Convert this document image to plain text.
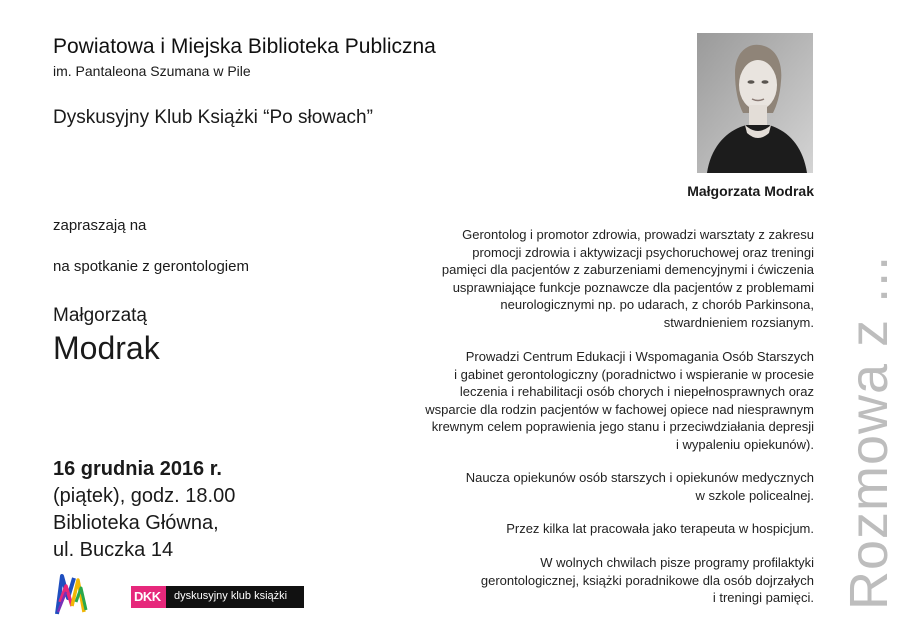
Powiatowa i Miejska Biblioteka Publiczna
im. Pantaleona Szumana w Pile
Dyskusyjny Klub Książki “Po słowach”
zapraszają na
na spotkanie z gerontologiem
Małgorzatą
Modrak
16 grudnia 2016 r.
(piątek), godz. 18.00
Biblioteka Główna,
ul. Buczka 14
Małgorzata Modrak
Gerontolog i promotor zdrowia, prowadzi warsztaty z zakresu
promocji zdrowia i aktywizacji psychoruchowej oraz treningi
pamięci dla pacjentów z zaburzeniami demencyjnymi i ćwiczenia
usprawniające funkcje poznawcze dla pacjentów z problemami
neurologicznymi np. po udarach, z chorób Parkinsona,
stwardnieniem rozsianym.
Prowadzi Centrum Edukacji i Wspomagania Osób Starszych
i gabinet gerontologiczny (poradnictwo i wspieranie w procesie
leczenia i rehabilitacji osób chorych i niepełnosprawnych oraz
wsparcie dla rodzin pacjentów w fachowej opiece nad niesprawnym
krewnym celem poprawienia jego stanu i przeciwdziałania depresji
i wypaleniu opiekunów).
Naucza opiekunów osób starszych i opiekunów medycznych
w szkole policealnej.
Przez kilka lat pracowała jako terapeuta w hospicjum.
W wolnych chwilach pisze programy profilaktyki
gerontologicznej, książki poradnikowe dla osób dojrzałych
i treningi pamięci. Rozmowa z ...
DKK dyskusyjny klub książki
